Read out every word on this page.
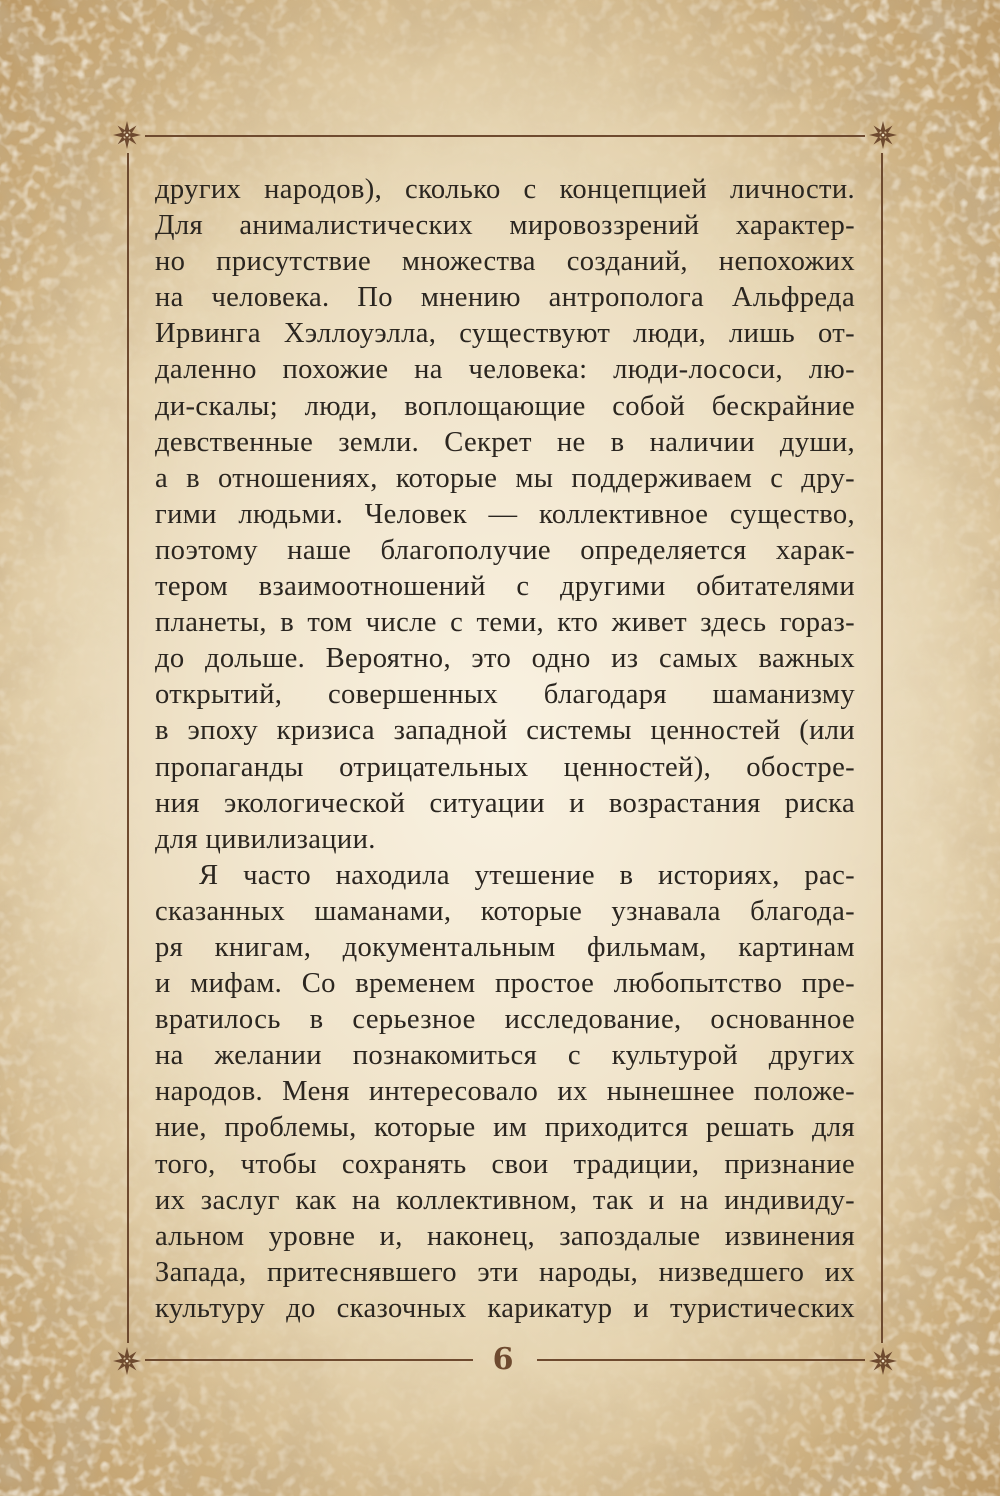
других народов), сколько с концепцией личности.
Для анималистических мировоззрений характер-
но присутствие множества созданий, непохожих
на человека. По мнению антрополога Альфреда
Ирвинга Хэллоуэлла, существуют люди, лишь от-
даленно похожие на человека: люди-лососи, лю-
ди-скалы; люди, воплощающие собой бескрайние
девственные земли. Секрет не в наличии души,
а в отношениях, которые мы поддерживаем с дру-
гими людьми. Человек — коллективное существо,
поэтому наше благополучие определяется харак-
тером взаимоотношений с другими обитателями
планеты, в том числе с теми, кто живет здесь гораз-
до дольше. Вероятно, это одно из самых важных
открытий, совершенных благодаря шаманизму
в эпоху кризиса западной системы ценностей (или
пропаганды отрицательных ценностей), обостре-
ния экологической ситуации и возрастания риска
для цивилизации.
Я часто находила утешение в историях, рас-
сказанных шаманами, которые узнавала благода-
ря книгам, документальным фильмам, картинам
и мифам. Со временем простое любопытство пре-
вратилось в серьезное исследование, основанное
на желании познакомиться с культурой других
народов. Меня интересовало их нынешнее положе-
ние, проблемы, которые им приходится решать для
того, чтобы сохранять свои традиции, признание
их заслуг как на коллективном, так и на индивиду-
альном уровне и, наконец, запоздалые извинения
Запада, притеснявшего эти народы, низведшего их
культуру до сказочных карикатур и туристических
6
